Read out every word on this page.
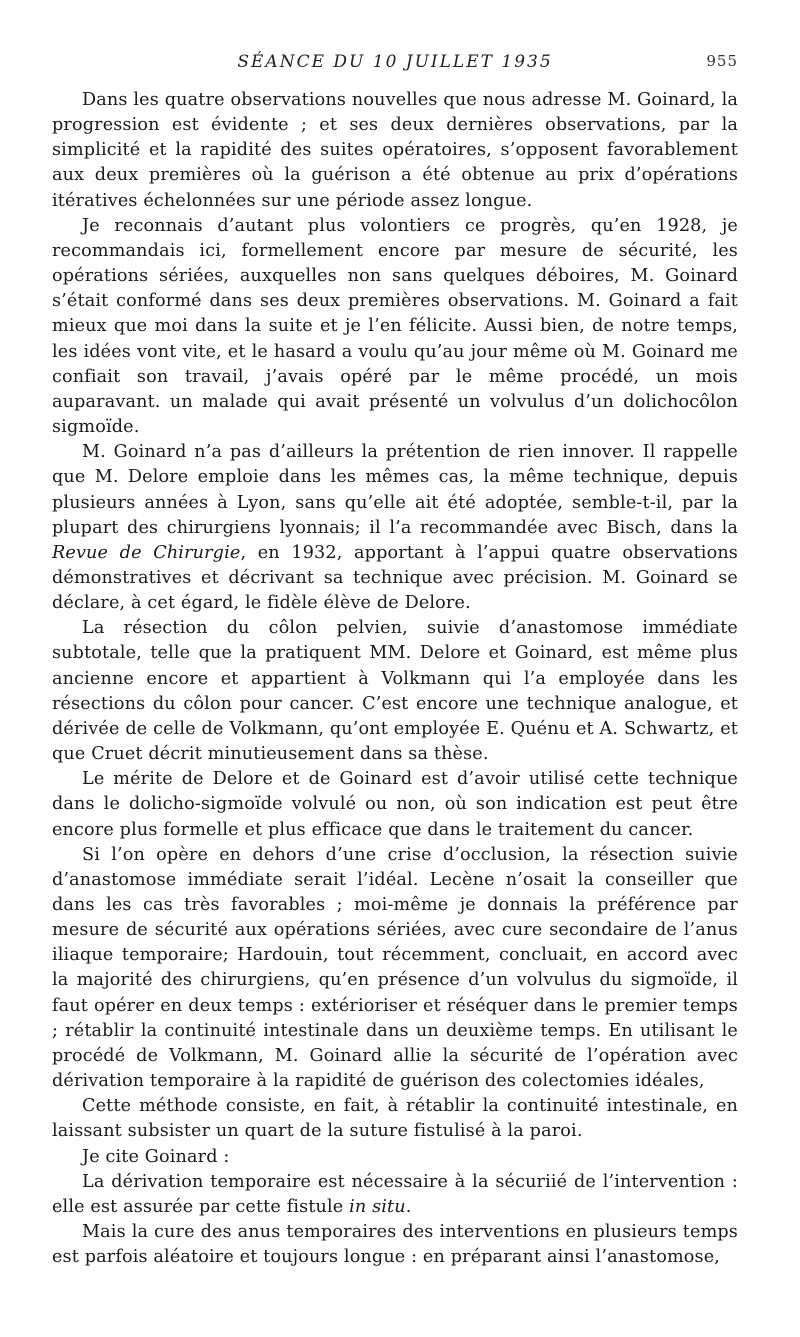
SÉANCE DU 10 JUILLET 1935	955

Dans les quatre observations nouvelles que nous adresse M. Goinard, la progression est évidente ; et ses deux dernières observations, par la simplicité et la rapidité des suites opératoires, s’opposent favorablement aux deux premières où la guérison a été obtenue au prix d’opérations itératives échelonnées sur une période assez longue.

Je reconnais d’autant plus volontiers ce progrès, qu’en 1928, je recommandais ici, formellement encore par mesure de sécurité, les opérations sériées, auxquelles non sans quelques déboires, M. Goinard s’était conformé dans ses deux premières observations. M. Goinard a fait mieux que moi dans la suite et je l’en félicite. Aussi bien, de notre temps, les idées vont vite, et le hasard a voulu qu’au jour même où M. Goinard me confiait son travail, j’avais opéré par le même procédé, un mois auparavant. un malade qui avait présenté un volvulus d’un dolichocôlon sigmoïde.

M. Goinard n’a pas d’ailleurs la prétention de rien innover. Il rappelle que M. Delore emploie dans les mêmes cas, la même technique, depuis plusieurs années à Lyon, sans qu’elle ait été adoptée, semble-t-il, par la plupart des chirurgiens lyonnais; il l’a recommandée avec Bisch, dans la Revue de Chirurgie, en 1932, apportant à l’appui quatre observations démonstratives et décrivant sa technique avec précision. M. Goinard se déclare, à cet égard, le fidèle élève de Delore.

La résection du côlon pelvien, suivie d’anastomose immédiate subtotale, telle que la pratiquent MM. Delore et Goinard, est même plus ancienne encore et appartient à Volkmann qui l’a employée dans les résections du côlon pour cancer. C’est encore une technique analogue, et dérivée de celle de Volkmann, qu’ont employée E. Quénu et A. Schwartz, et que Cruet décrit minutieusement dans sa thèse.

Le mérite de Delore et de Goinard est d’avoir utilisé cette technique dans le dolicho-sigmoïde volvulé ou non, où son indication est peut être encore plus formelle et plus efficace que dans le traitement du cancer.

Si l’on opère en dehors d’une crise d’occlusion, la résection suivie d’anastomose immédiate serait l’idéal. Lecène n’osait la conseiller que dans les cas très favorables ; moi-même je donnais la préférence par mesure de sécurité aux opérations sériées, avec cure secondaire de l’anus iliaque temporaire; Hardouin, tout récemment, concluait, en accord avec la majorité des chirurgiens, qu’en présence d’un volvulus du sigmoïde, il faut opérer en deux temps : extérioriser et réséquer dans le premier temps ; rétablir la continuité intestinale dans un deuxième temps. En utilisant le procédé de Volkmann, M. Goinard allie la sécurité de l’opération avec dérivation temporaire à la rapidité de guérison des colectomies idéales,

Cette méthode consiste, en fait, à rétablir la continuité intestinale, en laissant subsister un quart de la suture fistulisé à la paroi.

Je cite Goinard :

La dérivation temporaire est nécessaire à la sécuriié de l’intervention : elle est assurée par cette fistule in situ.

Mais la cure des anus temporaires des interventions en plusieurs temps est parfois aléatoire et toujours longue : en préparant ainsi l’anastomose,
